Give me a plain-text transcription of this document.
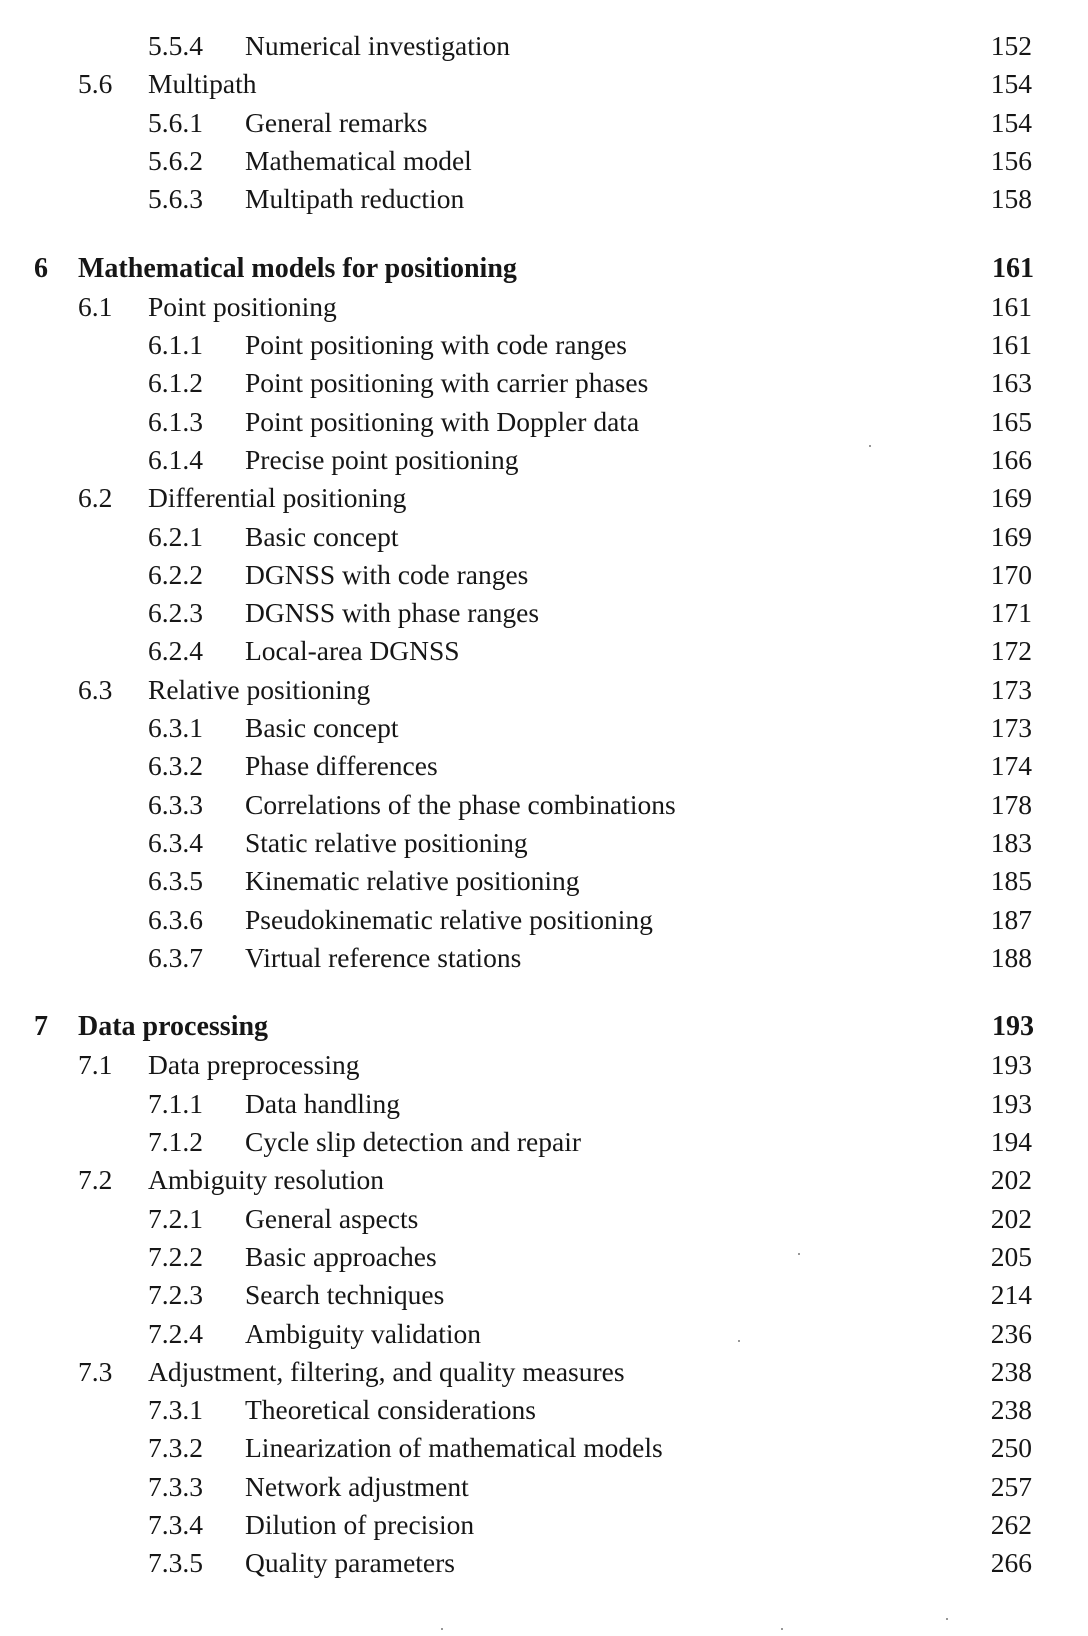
5.5.4 Numerical investigation	152
5.6 Multipath	154
5.6.1 General remarks	154
5.6.2 Mathematical model	156
5.6.3 Multipath reduction	158
6 Mathematical models for positioning	161
6.1 Point positioning	161
6.1.1 Point positioning with code ranges	161
6.1.2 Point positioning with carrier phases	163
6.1.3 Point positioning with Doppler data	165
6.1.4 Precise point positioning	166
6.2 Differential positioning	169
6.2.1 Basic concept	169
6.2.2 DGNSS with code ranges	170
6.2.3 DGNSS with phase ranges	171
6.2.4 Local-area DGNSS	172
6.3 Relative positioning	173
6.3.1 Basic concept	173
6.3.2 Phase differences	174
6.3.3 Correlations of the phase combinations	178
6.3.4 Static relative positioning	183
6.3.5 Kinematic relative positioning	185
6.3.6 Pseudokinematic relative positioning	187
6.3.7 Virtual reference stations	188
7 Data processing	193
7.1 Data preprocessing	193
7.1.1 Data handling	193
7.1.2 Cycle slip detection and repair	194
7.2 Ambiguity resolution	202
7.2.1 General aspects	202
7.2.2 Basic approaches	205
7.2.3 Search techniques	214
7.2.4 Ambiguity validation	236
7.3 Adjustment, filtering, and quality measures	238
7.3.1 Theoretical considerations	238
7.3.2 Linearization of mathematical models	250
7.3.3 Network adjustment	257
7.3.4 Dilution of precision	262
7.3.5 Quality parameters	266
